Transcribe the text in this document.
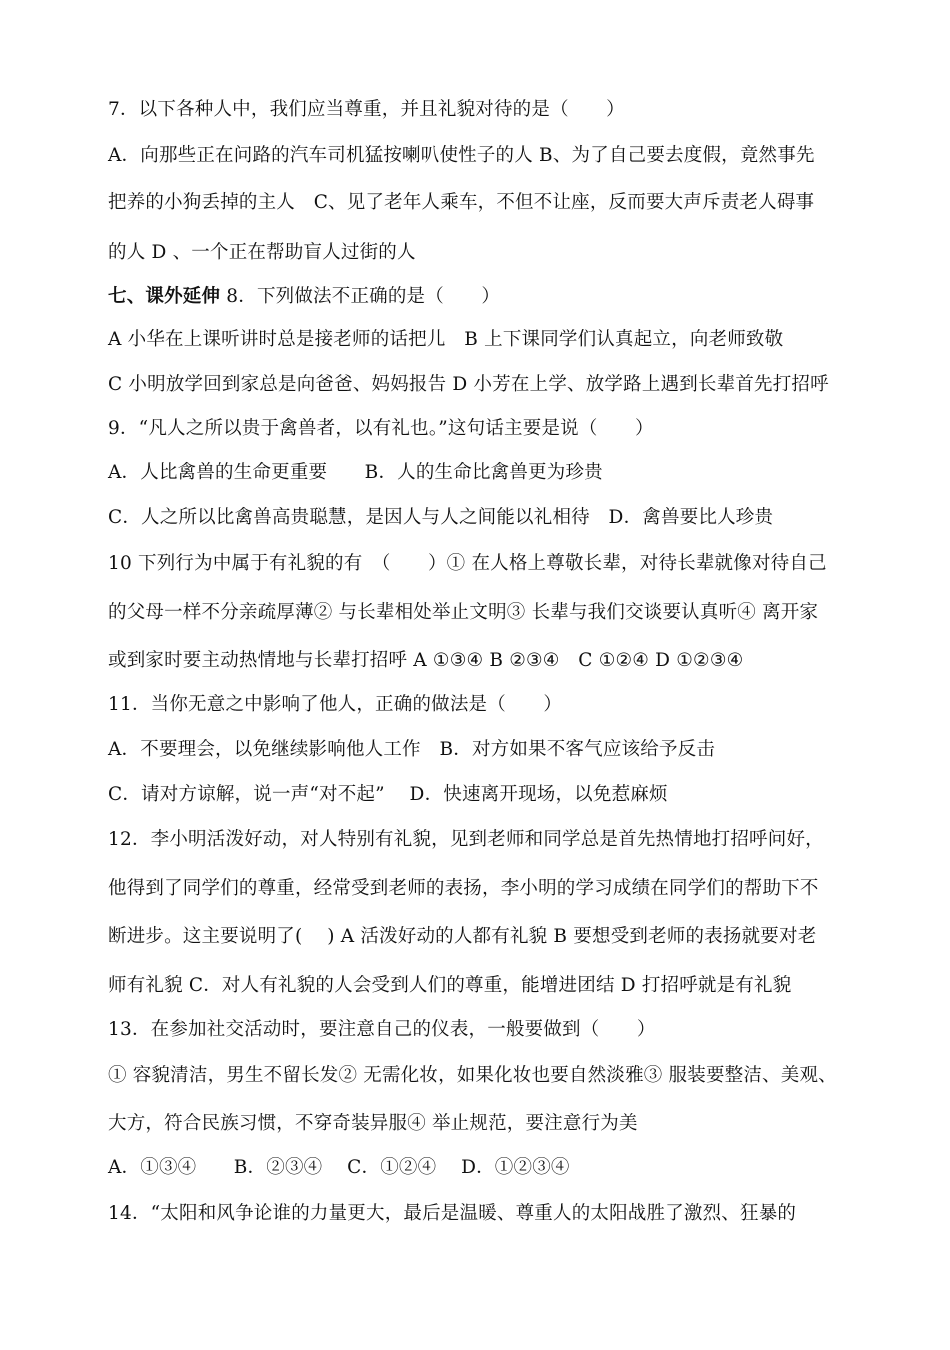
7．以下各种人中，我们应当尊重，并且礼貌对待的是（　　）
A．向那些正在问路的汽车司机猛按喇叭使性子的人 B、为了自己要去度假，竟然事先
把养的小狗丢掉的主人　C、见了老年人乘车，不但不让座，反而要大声斥责老人碍事
的人 D 、一个正在帮助盲人过街的人
七、课外延伸 8．下列做法不正确的是（　　）
A 小华在上课听讲时总是接老师的话把儿　B 上下课同学们认真起立，向老师致敬
C 小明放学回到家总是向爸爸、妈妈报告 D 小芳在上学、放学路上遇到长辈首先打招呼
9．“凡人之所以贵于禽兽者，以有礼也。”这句话主要是说（　　）
A．人比禽兽的生命更重要　　B．人的生命比禽兽更为珍贵
C．人之所以比禽兽高贵聪慧，是因人与人之间能以礼相待　D．禽兽要比人珍贵
10 下列行为中属于有礼貌的有　（　　）① 在人格上尊敬长辈，对待长辈就像对待自己
的父母一样不分亲疏厚薄② 与长辈相处举止文明③ 长辈与我们交谈要认真听④ 离开家
或到家时要主动热情地与长辈打招呼 A ①③④ B ②③④　C ①②④ D ①②③④
11．当你无意之中影响了他人，正确的做法是（　　）
A．不要理会，以免继续影响他人工作　B．对方如果不客气应该给予反击
C．请对方谅解，说一声“对不起”　 D．快速离开现场，以免惹麻烦
12．李小明活泼好动，对人特别有礼貌，见到老师和同学总是首先热情地打招呼问好，
他得到了同学们的尊重，经常受到老师的表扬，李小明的学习成绩在同学们的帮助下不
断进步。这主要说明了(　 ) A 活泼好动的人都有礼貌 B 要想受到老师的表扬就要对老
师有礼貌 C．对人有礼貌的人会受到人们的尊重，能增进团结 D 打招呼就是有礼貌
13．在参加社交活动时，要注意自己的仪表，一般要做到（　　）
① 容貌清洁，男生不留长发② 无需化妆，如果化妆也要自然淡雅③ 服装要整洁、美观、
大方，符合民族习惯，不穿奇装异服④ 举止规范，要注意行为美
A．①③④　　B．②③④　 C．①②④　 D．①②③④
14．“太阳和风争论谁的力量更大，最后是温暖、尊重人的太阳战胜了激烈、狂暴的
